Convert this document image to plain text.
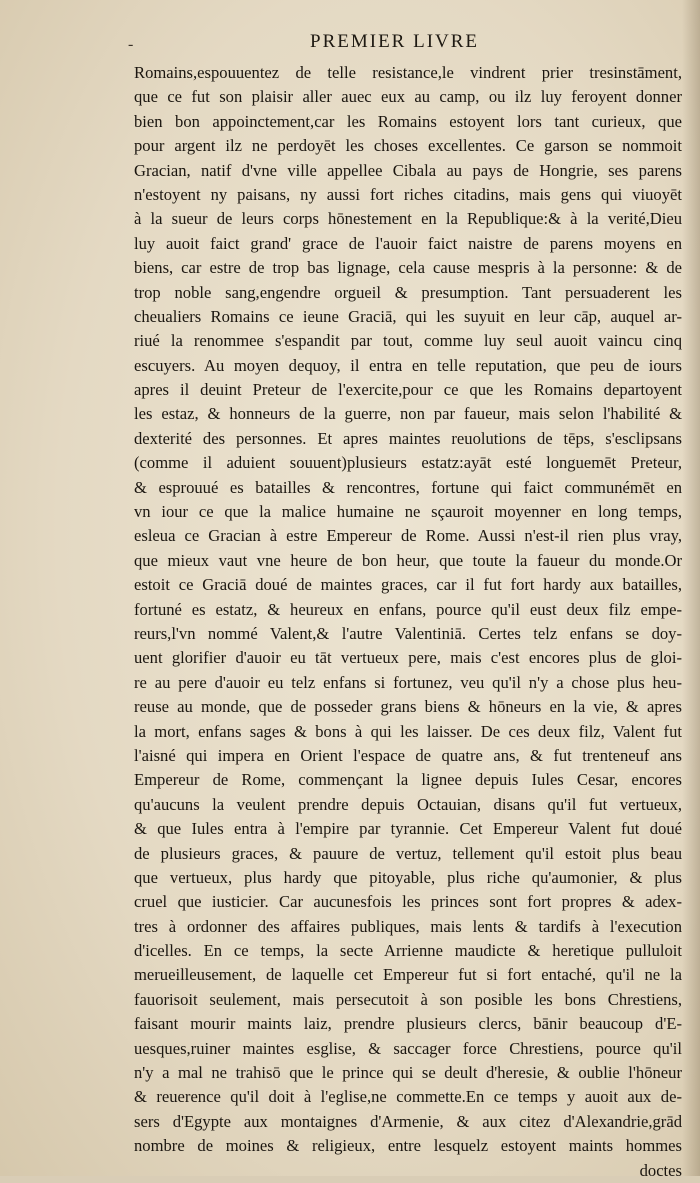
-	PREMIER LIVRE
Romains,espouuentez de telle resistance,le vindrent prier tresinstāment,
que ce fut son plaisir aller auec eux au camp, ou ilz luy feroyent donner
bien bon appoinctement,car les Romains estoyent lors tant curieux, que
pour argent ilz ne perdoyēt les choses excellentes. Ce garson se nommoit
Gracian, natif d'vne ville appellee Cibala au pays de Hongrie, ses parens
n'estoyent ny paisans, ny aussi fort riches citadins, mais gens qui viuoyēt
à la sueur de leurs corps hōnestement en la Republique:& à la verité,Dieu
luy auoit faict grand' grace de l'auoir faict naistre de parens moyens en
biens, car estre de trop bas lignage, cela cause mespris à la personne: & de
trop noble sang,engendre orgueil & presumption. Tant persuaderent les
cheualiers Romains ce ieune Graciā, qui les suyuit en leur cāp, auquel ar-
riué la renommee s'espandit par tout, comme luy seul auoit vaincu cinq
escuyers. Au moyen dequoy, il entra en telle reputation, que peu de iours
apres il deuint Preteur de l'exercite,pour ce que les Romains departoyent
les estaz, & honneurs de la guerre, non par faueur, mais selon l'habilité &
dexterité des personnes. Et apres maintes reuolutions de tēps, s'esclipsans
(comme il aduient souuent)plusieurs estatz:ayāt esté longuemēt Preteur,
& esprouué es batailles & rencontres, fortune qui faict communémēt en
vn iour ce que la malice humaine ne sçauroit moyenner en long temps,
esleua ce Gracian à estre Empereur de Rome. Aussi n'est-il rien plus vray,
que mieux vaut vne heure de bon heur, que toute la faueur du monde.Or
estoit ce Graciā doué de maintes graces, car il fut fort hardy aux batailles,
fortuné es estatz, & heureux en enfans, pource qu'il eust deux filz empe-
reurs,l'vn nommé Valent,& l'autre Valentiniā. Certes telz enfans se doy-
uent glorifier d'auoir eu tāt vertueux pere, mais c'est encores plus de gloi-
re au pere d'auoir eu telz enfans si fortunez, veu qu'il n'y a chose plus heu-
reuse au monde, que de posseder grans biens & hōneurs en la vie, & apres
la mort, enfans sages & bons à qui les laisser. De ces deux filz, Valent fut
l'aisné qui impera en Orient l'espace de quatre ans, & fut trenteneuf ans
Empereur de Rome, commençant la lignee depuis Iules Cesar, encores
qu'aucuns la veulent prendre depuis Octauian, disans qu'il fut vertueux,
& que Iules entra à l'empire par tyrannie. Cet Empereur Valent fut doué
de plusieurs graces, & pauure de vertuz, tellement qu'il estoit plus beau
que vertueux, plus hardy que pitoyable, plus riche qu'aumonier, & plus
cruel que iusticier. Car aucunesfois les princes sont fort propres & adex-
tres à ordonner des affaires publiques, mais lents & tardifs à l'execution
d'icelles. En ce temps, la secte Arrienne maudicte & heretique pulluloit
merueilleusement, de laquelle cet Empereur fut si fort entaché, qu'il ne la
fauorisoit seulement, mais persecutoit à son posible les bons Chrestiens,
faisant mourir maints laiz, prendre plusieurs clercs, bānir beaucoup d'E-
uesques,ruiner maintes esglise, & saccager force Chrestiens, pource qu'il
n'y a mal ne trahisō que le prince qui se deult d'heresie, & oublie l'hōneur
& reuerence qu'il doit à l'eglise,ne commette.En ce temps y auoit aux de-
sers d'Egypte aux montaignes d'Armenie, & aux citez d'Alexandrie,grād
nombre de moines & religieux, entre lesquelz estoyent maints hommes
doctes
